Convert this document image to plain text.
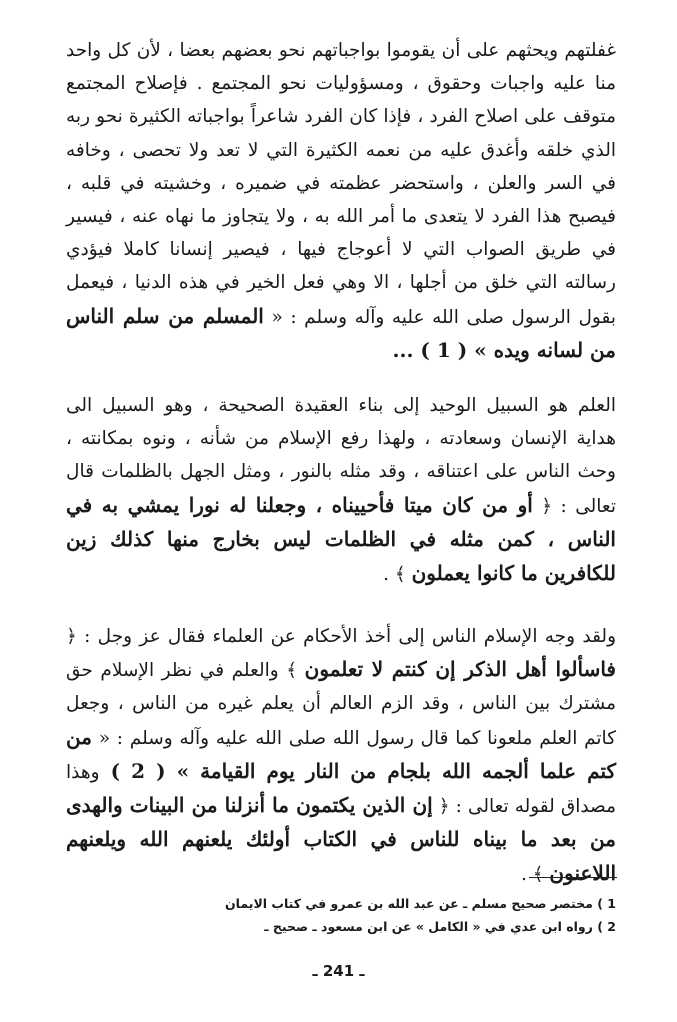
غفلتهم ويحثهم على أن يقوموا بواجباتهم نحو بعضهم بعضا ، لأن كل واحد منا عليه واجبات وحقوق ، ومسؤوليات نحو المجتمع . فإصلاح المجتمع متوقف على اصلاح الفرد ، فإذا كان الفرد شاعراً بواجباته الكثيرة نحو ربه الذي خلقه وأغدق عليه من نعمه الكثيرة التي لا تعد ولا تحصى ، وخافه في السر والعلن ، واستحضر عظمته في ضميره ، وخشيته في قلبه ، فيصبح هذا الفرد لا يتعدى ما أمر الله به ، ولا يتجاوز ما نهاه عنه ، فيسير في طريق الصواب التي لا أعوجاج فيها ، فيصير إنسانا كاملا فيؤدي رسالته التي خلق من أجلها ، الا وهي فعل الخير في هذه الدنيا ، فيعمل بقول الرسول صلى الله عليه وآله وسلم : « المسلم من سلم الناس من لسانه ويده » ( 1 ) ...

العلم هو السبيل الوحيد إلى بناء العقيدة الصحيحة ، وهو السبيل الى هداية الإنسان وسعادته ، ولهذا رفع الإسلام من شأنه ، ونوه بمكانته ، وحث الناس على اعتناقه ، وقد مثله بالنور ، ومثل الجهل بالظلمات قال تعالى : ﴿ أو من كان ميتا فأحييناه ، وجعلنا له نورا يمشي به في الناس ، كمن مثله في الظلمات ليس بخارج منها كذلك زين للكافرين ما كانوا يعملون ﴾ .

ولقد وجه الإسلام الناس إلى أخذ الأحكام عن العلماء فقال عز وجل : ﴿ فاسألوا أهل الذكر إن كنتم لا تعلمون ﴾ والعلم في نظر الإسلام حق مشترك بين الناس ، وقد الزم العالم أن يعلم غيره من الناس ، وجعل كاتم العلم ملعونا كما قال رسول الله صلى الله عليه وآله وسلم : « من كتم علما ألجمه الله بلجام من النار يوم القيامة » ( 2 ) وهذا مصداق لقوله تعالى : ﴿ إن الذين يكتمون ما أنزلنا من البينات والهدى من بعد ما بيناه للناس في الكتاب أولئك يلعنهم الله ويلعنهم اللاعنون ﴾ .

1 ) مختصر صحيح مسلم ـ عن عبد الله بن عمرو في كتاب الايمان

2 ) رواه ابن عدي في « الكامل » عن ابن مسعود ـ صحيح ـ

ـ 241 ـ
